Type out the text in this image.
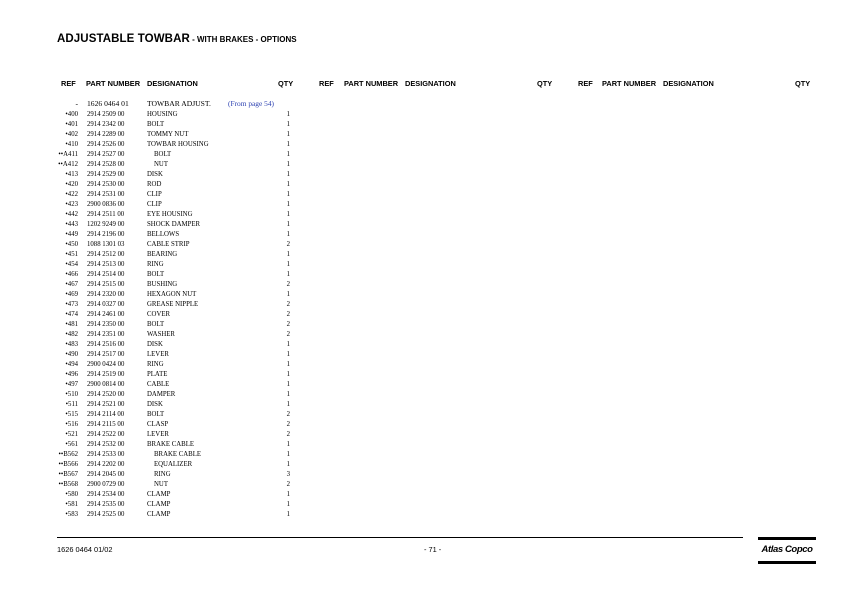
ADJUSTABLE TOWBAR - WITH BRAKES - OPTIONS
REF PART NUMBER DESIGNATION	QTY	REF PART NUMBER DESIGNATION	QTY	REF PART NUMBER DESIGNATION	QTY
- 1626 0464 01 TOWBAR ADJUST. (From page 54)
•400 2914 2509 00	HOUSING	1
•401 2914 2342 00	BOLT	1
•402 2914 2289 00	TOMMY NUT	1
•410 2914 2526 00	TOWBAR HOUSING	1
••A411 2914 2527 00	BOLT	1
••A412 2914 2528 00	NUT	1
•413 2914 2529 00	DISK	1
•420 2914 2530 00	ROD	1
•422 2914 2531 00	CLIP	1
•423 2900 0836 00	CLIP	1
•442 2914 2511 00	EYE HOUSING	1
•443 1202 9249 00	SHOCK DAMPER	1
•449 2914 2196 00	BELLOWS	1
•450 1088 1301 03	CABLE STRIP	2
•451 2914 2512 00	BEARING	1
•454 2914 2513 00	RING	1
•466 2914 2514 00	BOLT	1
•467 2914 2515 00	BUSHING	2
•469 2914 2320 00	HEXAGON NUT	1
•473 2914 0327 00	GREASE NIPPLE	2
•474 2914 2461 00	COVER	2
•481 2914 2350 00	BOLT	2
•482 2914 2351 00	WASHER	2
•483 2914 2516 00	DISK	1
•490 2914 2517 00	LEVER	1
•494 2900 0424 00	RING	1
•496 2914 2519 00	PLATE	1
•497 2900 0814 00	CABLE	1
•510 2914 2520 00	DAMPER	1
•511 2914 2521 00	DISK	1
•515 2914 2114 00	BOLT	2
•516 2914 2115 00	CLASP	2
•521 2914 2522 00	LEVER	2
•561 2914 2532 00	BRAKE CABLE	1
••B562 2914 2533 00	BRAKE CABLE	1
••B566 2914 2202 00	EQUALIZER	1
••B567 2914 2045 00	RING	3
••B568 2900 0729 00	NUT	2
•580 2914 2534 00	CLAMP	1
•581 2914 2535 00	CLAMP	1
•583 2914 2525 00	CLAMP	1
1626 0464 01/02	- 71 -	Atlas Copco
